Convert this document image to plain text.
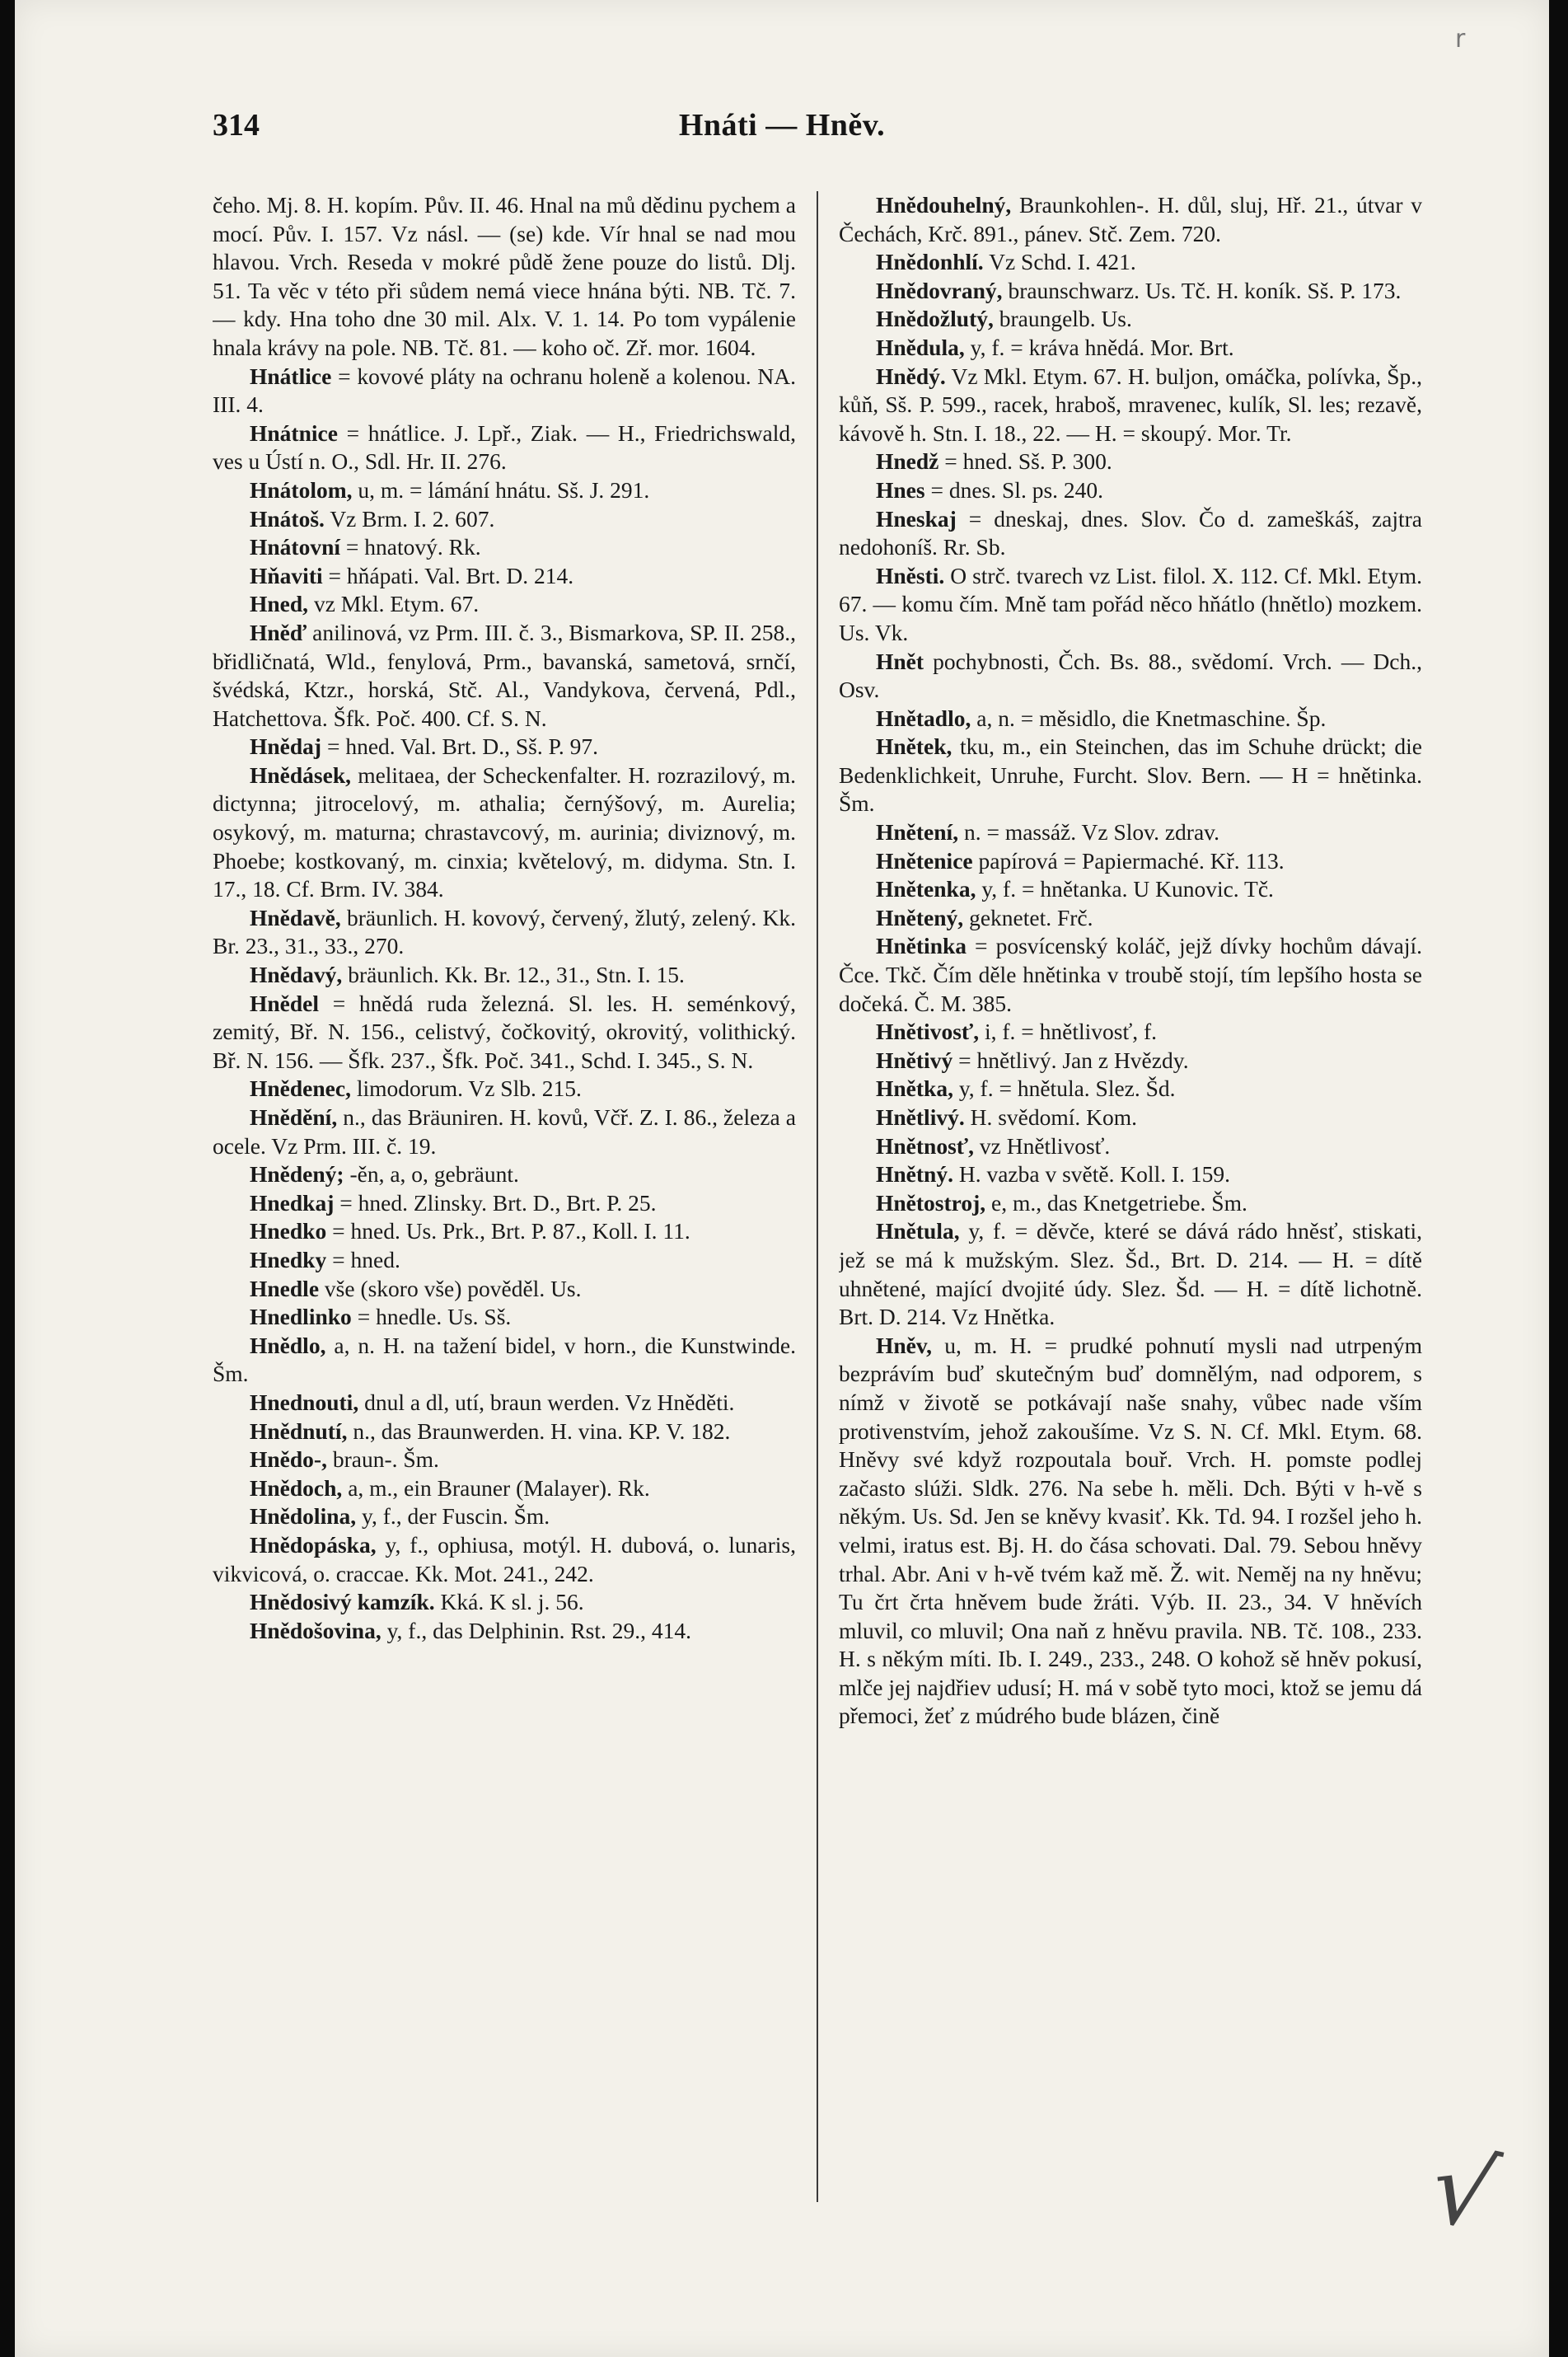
r
314	Hnáti — Hněv.

čeho. Mj. 8. H. kopím. Pův. II. 46. Hnal na mů dědinu pychem a mocí. Pův. I. 157. Vz násl. — (se) kde. Vír hnal se nad mou hlavou. Vrch. Reseda v mokré půdě žene pouze do listů. Dlj. 51. Ta věc v této při sůdem nemá viece hnána býti. NB. Tč. 7. — kdy. Hna toho dne 30 mil. Alx. V. 1. 14. Po tom vypálenie hnala krávy na pole. NB. Tč. 81. — koho oč. Zř. mor. 1604.

Hnátlice = kovové pláty na ochranu holeně a kolenou. NA. III. 4.

Hnátnice = hnátlice. J. Lpř., Ziak. — H., Friedrichswald, ves u Ústí n. O., Sdl. Hr. II. 276.

Hnátolom, u, m. = lámání hnátu. Sš. J. 291.

Hnátoš. Vz Brm. I. 2. 607.

Hnátovní = hnatový. Rk.

Hňaviti = hňápati. Val. Brt. D. 214.

Hned, vz Mkl. Etym. 67.

Hněď anilinová, vz Prm. III. č. 3., Bismarkova, SP. II. 258., břidličnatá, Wld., fenylová, Prm., bavanská, sametová, srnčí, švédská, Ktzr., horská, Stč. Al., Vandykova, červená, Pdl., Hatchettova. Šfk. Poč. 400. Cf. S. N.

Hnědaj = hned. Val. Brt. D., Sš. P. 97.

Hnědásek, melitaea, der Scheckenfalter. H. rozrazilový, m. dictynna; jitrocelový, m. athalia; černýšový, m. Aurelia; osykový, m. maturna; chrastavcový, m. aurinia; diviznový, m. Phoebe; kostkovaný, m. cinxia; květelový, m. didyma. Stn. I. 17., 18. Cf. Brm. IV. 384.

Hnědavě, bräunlich. H. kovový, červený, žlutý, zelený. Kk. Br. 23., 31., 33., 270.

Hnědavý, bräunlich. Kk. Br. 12., 31., Stn. I. 15.

Hnědel = hnědá ruda železná. Sl. les. H. seménkový, zemitý, Bř. N. 156., celistvý, čočkovitý, okrovitý, volithický. Bř. N. 156. — Šfk. 237., Šfk. Poč. 341., Schd. I. 345., S. N.

Hnědenec, limodorum. Vz Slb. 215.

Hnědění, n., das Bräuniren. H. kovů, Včř. Z. I. 86., železa a ocele. Vz Prm. III. č. 19.

Hnědený; -ěn, a, o, gebräunt.

Hnedkaj = hned. Zlinsky. Brt. D., Brt. P. 25.

Hnedko = hned. Us. Prk., Brt. P. 87., Koll. I. 11.

Hnedky = hned.

Hnedle vše (skoro vše) pověděl. Us.

Hnedlinko = hnedle. Us. Sš.

Hnědlo, a, n. H. na tažení bidel, v horn., die Kunstwinde. Šm.

Hnednouti, dnul a dl, utí, braun werden. Vz Hněděti.

Hnědnutí, n., das Braunwerden. H. vina. KP. V. 182.

Hnědo-, braun-. Šm.

Hnědoch, a, m., ein Brauner (Malayer). Rk.

Hnědolina, y, f., der Fuscin. Šm.

Hnědopáska, y, f., ophiusa, motýl. H. dubová, o. lunaris, vikvicová, o. craccae. Kk. Mot. 241., 242.

Hnědosivý kamzík. Kká. K sl. j. 56.

Hnědošovina, y, f., das Delphinin. Rst. 29., 414.

Hnědouhelný, Braunkohlen-. H. důl, sluj, Hř. 21., útvar v Čechách, Krč. 891., pánev. Stč. Zem. 720.

Hnědonhlí. Vz Schd. I. 421.

Hnědovraný, braunschwarz. Us. Tč. H. koník. Sš. P. 173.

Hnědožlutý, braungelb. Us.

Hnědula, y, f. = kráva hnědá. Mor. Brt.

Hnědý. Vz Mkl. Etym. 67. H. buljon, omáčka, polívka, Šp., kůň, Sš. P. 599., racek, hraboš, mravenec, kulík, Sl. les; rezavě, kávově h. Stn. I. 18., 22. — H. = skoupý. Mor. Tr.

Hnedž = hned. Sš. P. 300.

Hnes = dnes. Sl. ps. 240.

Hneskaj = dneskaj, dnes. Slov. Čo d. zameškáš, zajtra nedohoníš. Rr. Sb.

Hněsti. O strč. tvarech vz List. filol. X. 112. Cf. Mkl. Etym. 67. — komu čím. Mně tam pořád něco hňátlo (hnětlo) mozkem. Us. Vk.

Hnět pochybnosti, Čch. Bs. 88., svědomí. Vrch. — Dch., Osv.

Hnětadlo, a, n. = měsidlo, die Knetmaschine. Šp.

Hnětek, tku, m., ein Steinchen, das im Schuhe drückt; die Bedenklichkeit, Unruhe, Furcht. Slov. Bern. — H = hnětinka. Šm.

Hnětení, n. = massáž. Vz Slov. zdrav.

Hnětenice papírová = Papiermaché. Kř. 113.

Hnětenka, y, f. = hnětanka. U Kunovic. Tč.

Hnětený, geknetet. Frč.

Hnětinka = posvícenský koláč, jejž dívky hochům dávají. Čce. Tkč. Čím děle hnětinka v troubě stojí, tím lepšího hosta se dočeká. Č. M. 385.

Hnětivosť, i, f. = hnětlivosť, f.

Hnětivý = hnětlivý. Jan z Hvězdy.

Hnětka, y, f. = hnětula. Slez. Šd.

Hnětlivý. H. svědomí. Kom.

Hnětnosť, vz Hnětlivosť.

Hnětný. H. vazba v světě. Koll. I. 159.

Hnětostroj, e, m., das Knetgetriebe. Šm.

Hnětula, y, f. = děvče, které se dává rádo hněsť, stiskati, jež se má k mužským. Slez. Šd., Brt. D. 214. — H. = dítě uhnětené, mající dvojité údy. Slez. Šd. — H. = dítě lichotně. Brt. D. 214. Vz Hnětka.

Hněv, u, m. H. = prudké pohnutí mysli nad utrpeným bezprávím buď skutečným buď domnělým, nad odporem, s nímž v životě se potkávají naše snahy, vůbec nade vším protivenstvím, jehož zakoušíme. Vz S. N. Cf. Mkl. Etym. 68. Hněvy své když rozpoutala bouř. Vrch. H. pomste podlej začasto slúži. Sldk. 276. Na sebe h. měli. Dch. Býti v h-vě s někým. Us. Sd. Jen se kněvy kvasiť. Kk. Td. 94. I rozšel jeho h. velmi, iratus est. Bj. H. do čása schovati. Dal. 79. Sebou hněvy trhal. Abr. Ani v h-vě tvém kaž mě. Ž. wit. Neměj na ny hněvu; Tu črt črta hněvem bude žráti. Výb. II. 23., 34. V hněvích mluvil, co mluvil; Ona naň z hněvu pravila. NB. Tč. 108., 233. H. s někým míti. Ib. I. 249., 233., 248. O kohož sě hněv pokusí, mlče jej najdřiev udusí; H. má v sobě tyto moci, ktož se jemu dá přemoci, žeť z múdrého bude blázen, čině

√
